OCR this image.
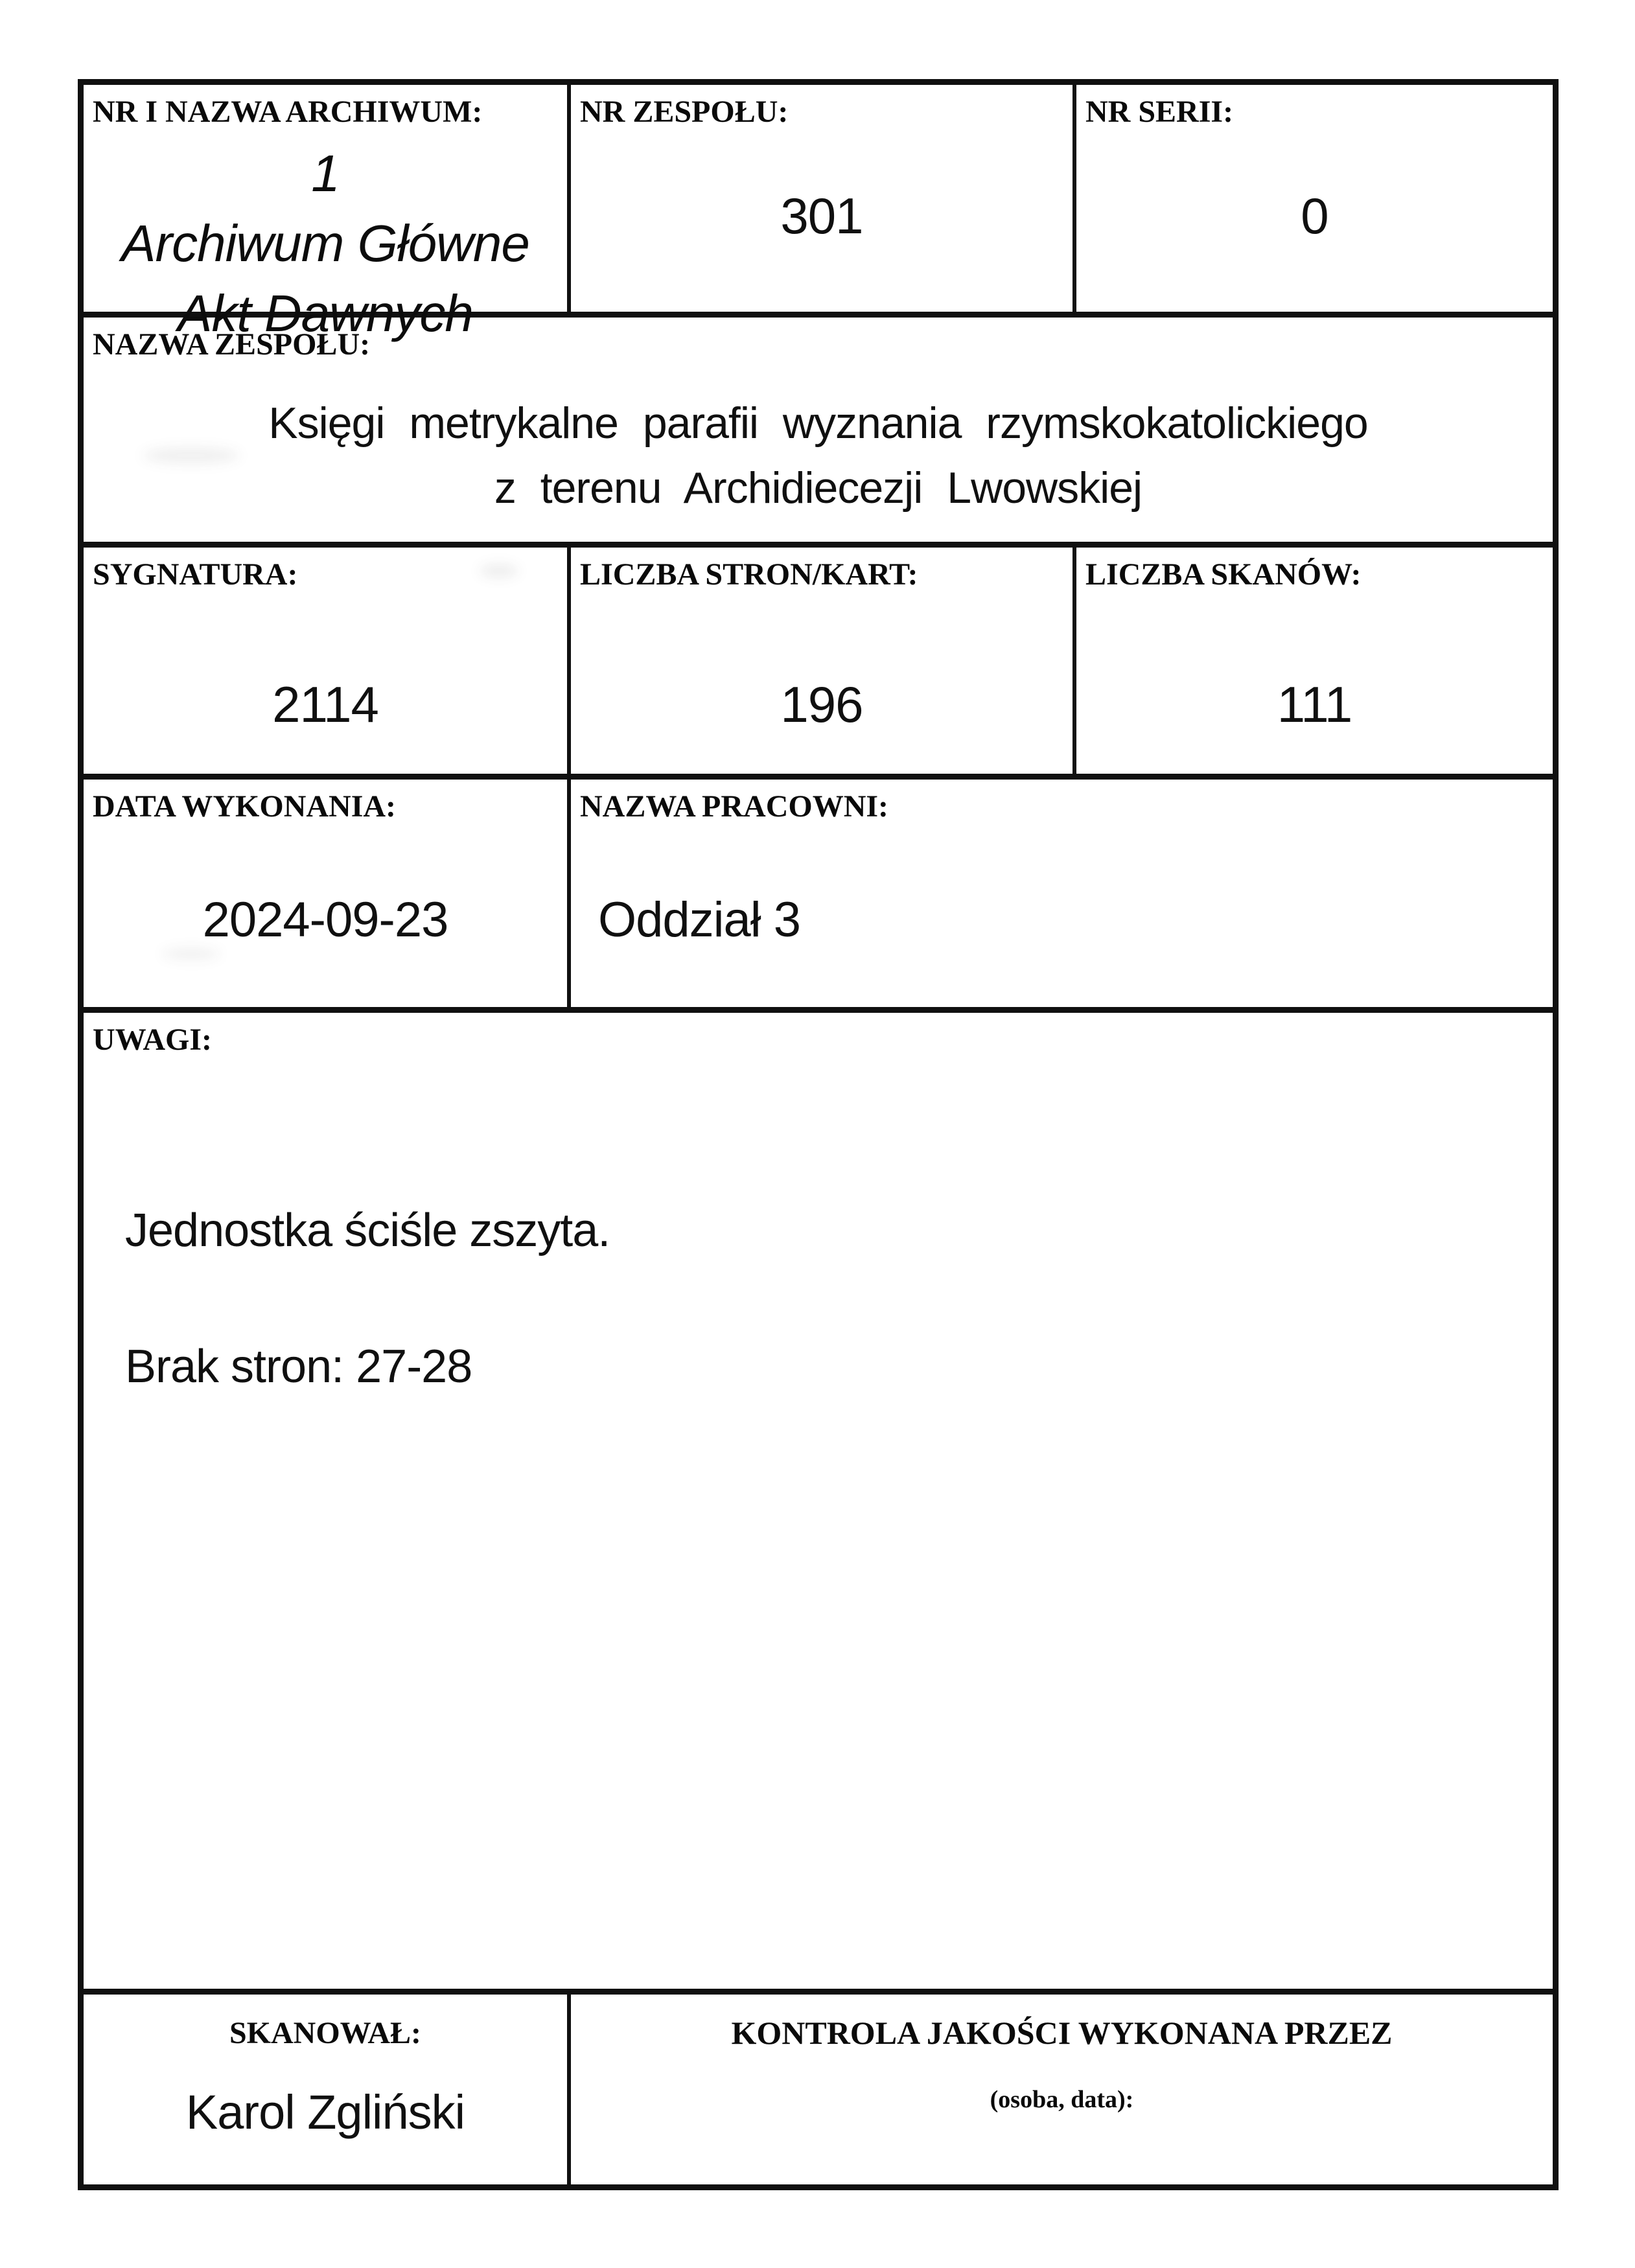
NR I NAZWA ARCHIWUM:
1
Archiwum Główne
Akt Dawnych
NR ZESPOŁU:
301
NR SERII:
0
NAZWA ZESPOŁU:
Księgi metrykalne parafii wyznania rzymskokatolickiego
z terenu Archidiecezji Lwowskiej
SYGNATURA:
2114
LICZBA STRON/KART:
196
LICZBA SKANÓW:
111
DATA WYKONANIA:
2024-09-23
NAZWA PRACOWNI:
Oddział 3
UWAGI:
Jednostka ściśle zszyta.
Brak stron: 27-28
SKANOWAŁ:
Karol Zgliński
KONTROLA JAKOŚCI WYKONANA PRZEZ
(osoba, data):
